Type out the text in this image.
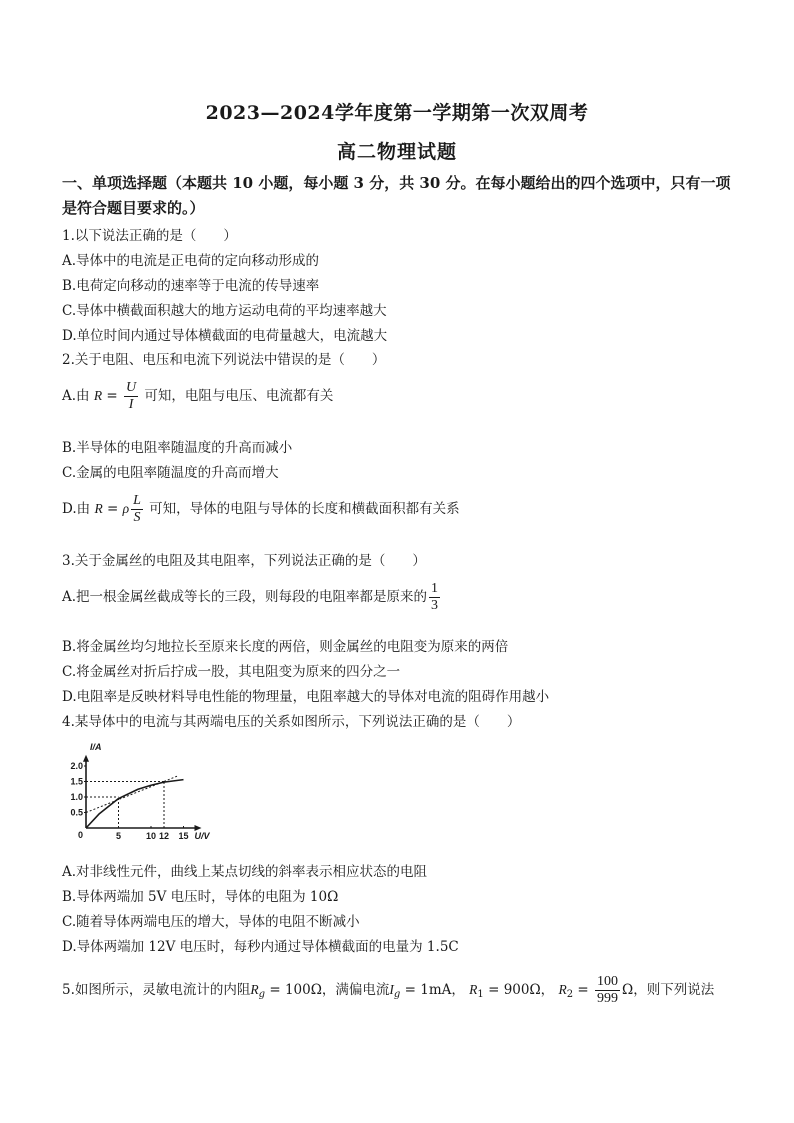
2023—2024学年度第一学期第一次双周考
高二物理试题
一、单项选择题（本题共 10 小题，每小题 3 分，共 30 分。在每小题给出的四个选项中，只有一项是符合题目要求的。）
1.以下说法正确的是（　　）
A.导体中的电流是正电荷的定向移动形成的
B.电荷定向移动的速率等于电流的传导速率
C.导体中横截面积越大的地方运动电荷的平均速率越大
D.单位时间内通过导体横截面的电荷量越大，电流越大
2.关于电阻、电压和电流下列说法中错误的是（　　）
A.由 $R = \frac{U}{I}$ 可知，电阻与电压、电流都有关
B.半导体的电阻率随温度的升高而减小
C.金属的电阻率随温度的升高而增大
D.由 R = ρ $\frac{L}{S}$ 可知，导体的电阻与导体的长度和横截面积都有关系
3.关于金属丝的电阻及其电阻率，下列说法正确的是（　　）
A.把一根金属丝截成等长的三段，则每段的电阻率都是原来的 $\frac{1}{3}$
B.将金属丝均匀地拉长至原来长度的两倍，则金属丝的电阻变为原来的两倍
C.将金属丝对折后拧成一股，其电阻变为原来的四分之一
D.电阻率是反映材料导电性能的物理量，电阻率越大的导体对电流的阻碍作用越小
4.某导体中的电流与其两端电压的关系如图所示，下列说法正确的是（　　）
I/A
U/V
0
0.5
1.0
1.5
2.0
5	10 12 15
A.对非线性元件，曲线上某点切线的斜率表示相应状态的电阻
B.导体两端加 5V 电压时，导体的电阻为 10Ω
C.随着导体两端电压的增大，导体的电阻不断减小
D.导体两端加 12V 电压时，每秒内通过导体横截面的电量为 1.5C
5.如图所示，灵敏电流计的内阻$R_g = 100\Omega$，满偏电流$I_g = 1mA$， $R_1 = 900\Omega$， $R_2 = \frac{100}{999}$ Ω，则下列说法
